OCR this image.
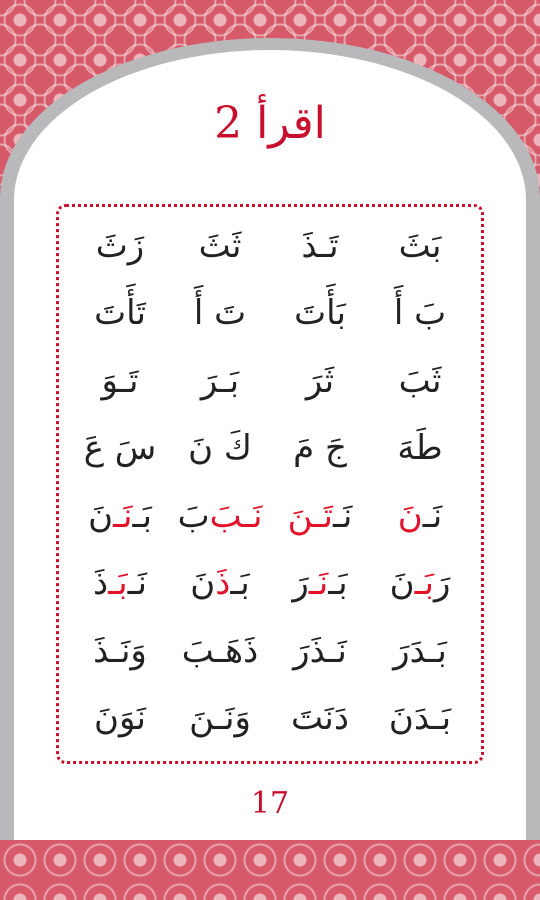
اقرأ 2
بَثَ
تَـذَ
ثَثَ
زَثَ
بَ أَ
بَأَتَ
تَ أَ
تَأَتَ
ثَبَ
ثَرَ
بَـرَ
تَـوَ
طَهَ
جَ مَ
كَ نَ
سَ عَ
نَـ
نَ
نَـ
تَـنَ
نَـبَ
بَ
بَـ
نَـ
نَ
رَ
بَـ
نَ
بَـ
نَـ
رَ
بَـ
ذَ
نَ
نَـ
بَـ
ذَ
بَـدَرَ
نَـذَرَ
ذَهَـبَ
وَنَـذَ
بَـدَنَ
دَنَتَ
وَنَـنَ
نَوَنَ
17
